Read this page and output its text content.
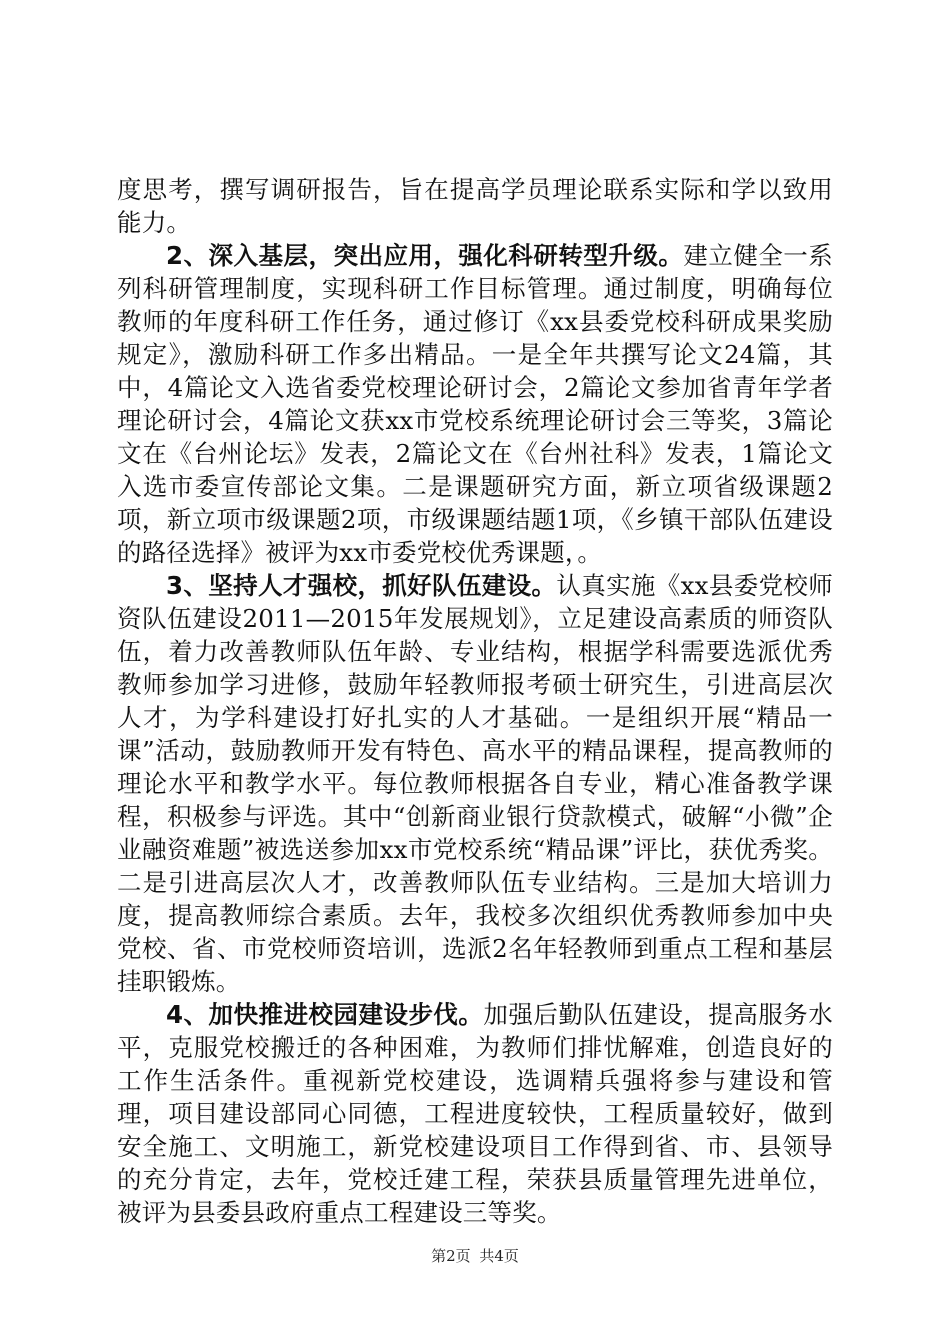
度思考，撰写调研报告，旨在提高学员理论联系实际和学以致用能力。

2、深入基层，突出应用，强化科研转型升级。建立健全一系列科研管理制度，实现科研工作目标管理。通过制度，明确每位教师的年度科研工作任务，通过修订《xx县委党校科研成果奖励规定》，激励科研工作多出精品。一是全年共撰写论文24篇，其中，4篇论文入选省委党校理论研讨会，2篇论文参加省青年学者理论研讨会，4篇论文获xx市党校系统理论研讨会三等奖，3篇论文在《台州论坛》发表，2篇论文在《台州社科》发表，1篇论文入选市委宣传部论文集。二是课题研究方面，新立项省级课题2项，新立项市级课题2项，市级课题结题1项，《乡镇干部队伍建设的路径选择》被评为xx市委党校优秀课题，。

3、坚持人才强校，抓好队伍建设。认真实施《xx县委党校师资队伍建设2011—2015年发展规划》，立足建设高素质的师资队伍，着力改善教师队伍年龄、专业结构，根据学科需要选派优秀教师参加学习进修，鼓励年轻教师报考硕士研究生，引进高层次人才，为学科建设打好扎实的人才基础。一是组织开展“精品一课”活动，鼓励教师开发有特色、高水平的精品课程，提高教师的理论水平和教学水平。每位教师根据各自专业，精心准备教学课程，积极参与评选。其中“创新商业银行贷款模式，破解“小微”企业融资难题”被选送参加xx市党校系统“精品课”评比，获优秀奖。二是引进高层次人才，改善教师队伍专业结构。三是加大培训力度，提高教师综合素质。去年，我校多次组织优秀教师参加中央党校、省、市党校师资培训，选派2名年轻教师到重点工程和基层挂职锻炼。

4、加快推进校园建设步伐。加强后勤队伍建设，提高服务水平，克服党校搬迁的各种困难，为教师们排忧解难，创造良好的工作生活条件。重视新党校建设，选调精兵强将参与建设和管理，项目建设部同心同德，工程进度较快，工程质量较好，做到安全施工、文明施工，新党校建设项目工作得到省、市、县领导的充分肯定，去年，党校迁建工程，荣获县质量管理先进单位，被评为县委县政府重点工程建设三等奖。

第2页 共4页
